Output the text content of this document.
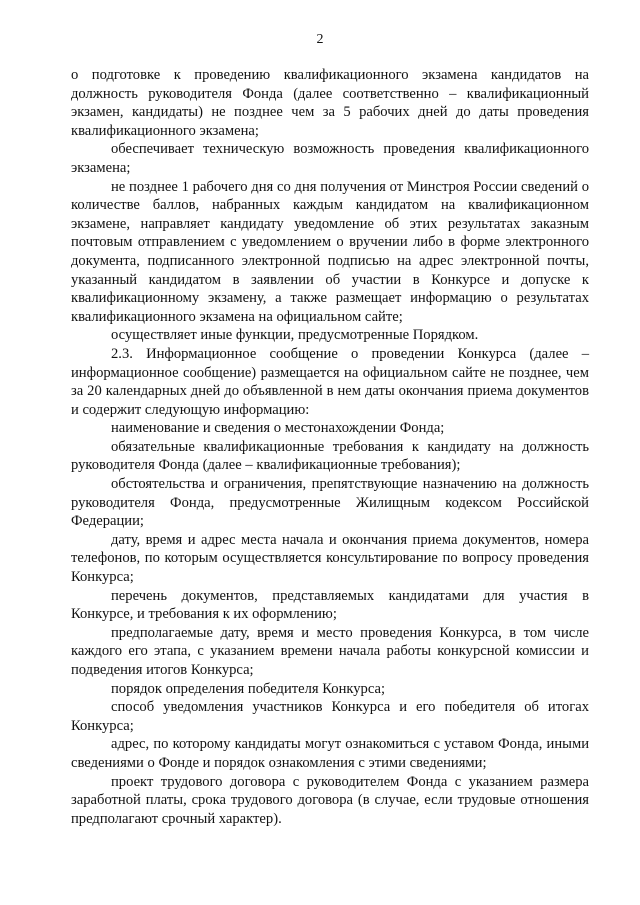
2

о подготовке к проведению квалификационного экзамена кандидатов на должность руководителя Фонда (далее соответственно – квалификационный экзамен, кандидаты) не позднее чем за 5 рабочих дней до даты проведения квалификационного экзамена;

обеспечивает техническую возможность проведения квалификационного экзамена;

не позднее 1 рабочего дня со дня получения от Минстроя России сведений о количестве баллов, набранных каждым кандидатом на квалификационном экзамене, направляет кандидату уведомление об этих результатах заказным почтовым отправлением с уведомлением о вручении либо в форме электронного документа, подписанного электронной подписью на адрес электронной почты, указанный кандидатом в заявлении об участии в Конкурсе и допуске к квалификационному экзамену, а также размещает информацию о результатах квалификационного экзамена на официальном сайте;

осуществляет иные функции, предусмотренные Порядком.

2.3. Информационное сообщение о проведении Конкурса (далее – информационное сообщение) размещается на официальном сайте не позднее, чем за 20 календарных дней до объявленной в нем даты окончания приема документов и содержит следующую информацию:

наименование и сведения о местонахождении Фонда;

обязательные квалификационные требования к кандидату на должность руководителя Фонда (далее – квалификационные требования);

обстоятельства и ограничения, препятствующие назначению на должность руководителя Фонда, предусмотренные Жилищным кодексом Российской Федерации;

дату, время и адрес места начала и окончания приема документов, номера телефонов, по которым осуществляется консультирование по вопросу проведения Конкурса;

перечень документов, представляемых кандидатами для участия в Конкурсе, и требования к их оформлению;

предполагаемые дату, время и место проведения Конкурса, в том числе каждого его этапа, с указанием времени начала работы конкурсной комиссии и подведения итогов Конкурса;

порядок определения победителя Конкурса;

способ уведомления участников Конкурса и его победителя об итогах Конкурса;

адрес, по которому кандидаты могут ознакомиться с уставом Фонда, иными сведениями о Фонде и порядок ознакомления с этими сведениями;

проект трудового договора с руководителем Фонда с указанием размера заработной платы, срока трудового договора (в случае, если трудовые отношения предполагают срочный характер).
